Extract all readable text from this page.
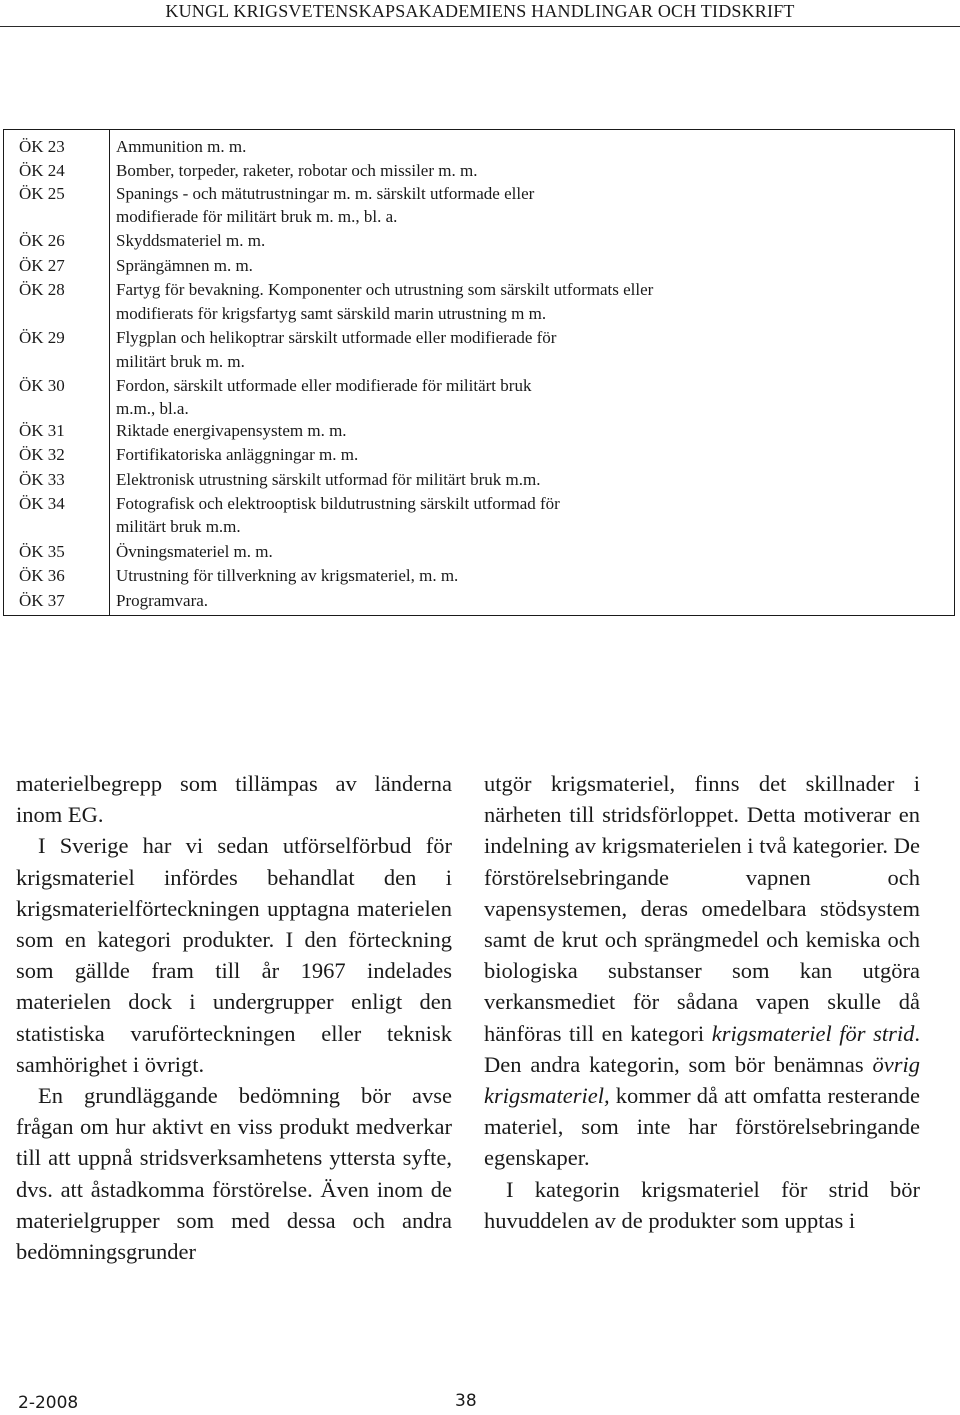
KUNGL KRIGSVETENSKAPSAKADEMIENS HANDLINGAR OCH TIDSKRIFT
ÖK 23	Ammunition m. m.
ÖK 24	Bomber, torpeder, raketer, robotar och missiler m. m.
ÖK 25	Spanings - och mätutrustningar m. m. särskilt utformade eller
modifierade för militärt bruk m. m., bl. a.
ÖK 26	Skyddsmateriel m. m.
ÖK 27	Sprängämnen m. m.
ÖK 28	Fartyg för bevakning. Komponenter och utrustning som särskilt utformats eller
modifierats för krigsfartyg samt särskild marin utrustning m m.
ÖK 29	Flygplan och helikoptrar särskilt utformade eller modifierade för
militärt bruk m. m.
ÖK 30	Fordon, särskilt utformade eller modifierade för militärt bruk
m.m., bl.a.
ÖK 31	Riktade energivapensystem m. m.
ÖK 32	Fortifikatoriska anläggningar m. m.
ÖK 33	Elektronisk utrustning särskilt utformad för militärt bruk m.m.
ÖK 34	Fotografisk och elektrooptisk bildutrustning särskilt utformad för
militärt bruk m.m.
ÖK 35	Övningsmateriel m. m.
ÖK 36	Utrustning för tillverkning av krigsmateriel, m. m.
ÖK 37	Programvara.

materielbegrepp som tillämpas av länderna inom EG.

I Sverige har vi sedan utförselförbud för krigsmateriel infördes behandlat den i krigsmaterielförteckningen upptagna materielen som en kategori produkter. I den förteckning som gällde fram till år 1967 indelades materielen dock i undergrupper enligt den statistiska varuförteckningen eller teknisk samhörighet i övrigt.

En grundläggande bedömning bör avse frågan om hur aktivt en viss produkt medverkar till att uppnå stridsverksamhetens yttersta syfte, dvs. att åstadkomma förstörelse. Även inom de materielgrupper som med dessa och andra bedömningsgrunder

utgör krigsmateriel, finns det skillnader i närheten till stridsförloppet. Detta motiverar en indelning av krigsmaterielen i två kategorier. De förstörelsebringande vapnen och vapensystemen, deras omedelbara stödsystem samt de krut och sprängmedel och kemiska och biologiska substanser som kan utgöra verkansmediet för sådana vapen skulle då hänföras till en kategori krigsmateriel för strid. Den andra kategorin, som bör benämnas övrig krigsmateriel, kommer då att omfatta resterande materiel, som inte har förstörelsebringande egenskaper.

I kategorin krigsmateriel för strid bör huvuddelen av de produkter som upptas i

2-2008	38
